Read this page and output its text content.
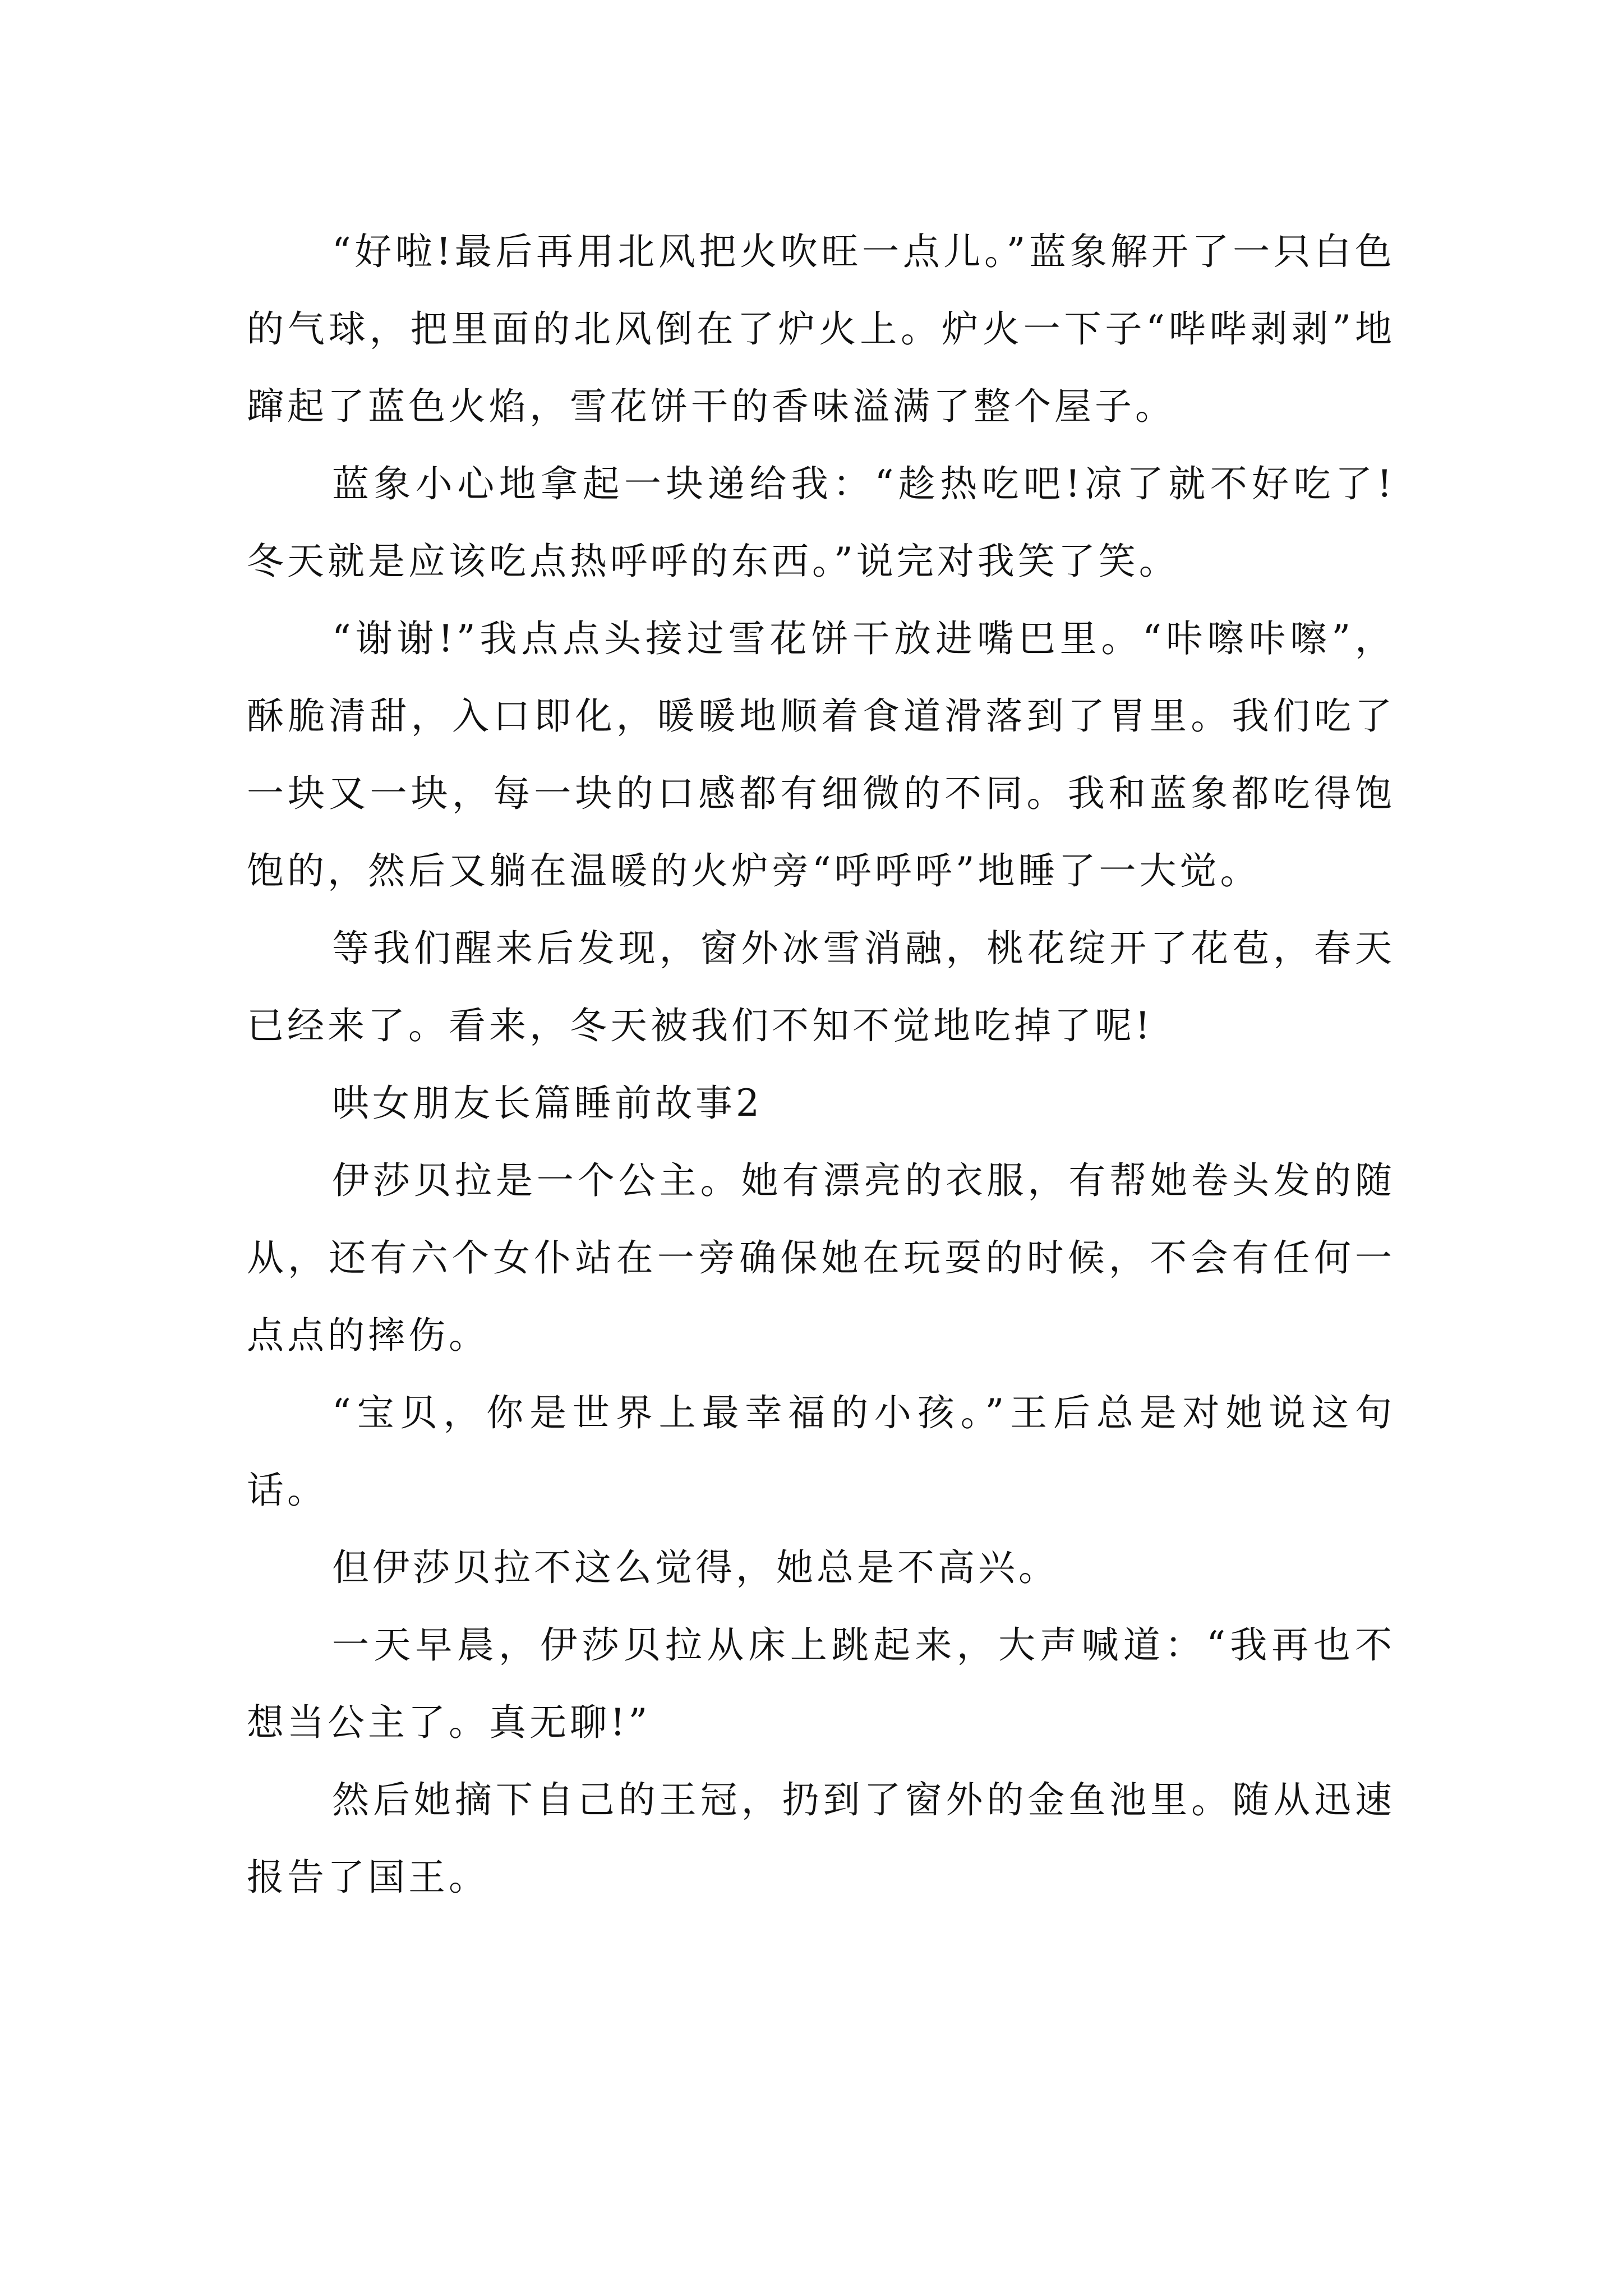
“好啦!最后再用北风把火吹旺一点儿。”蓝象解开了一只白色的气球，把里面的北风倒在了炉火上。炉火一下子“哔哔剥剥”地蹿起了蓝色火焰，雪花饼干的香味溢满了整个屋子。

蓝象小心地拿起一块递给我：“趁热吃吧!凉了就不好吃了!冬天就是应该吃点热呼呼的东西。”说完对我笑了笑。

“谢谢!”我点点头接过雪花饼干放进嘴巴里。“咔嚓咔嚓”，酥脆清甜，入口即化，暖暖地顺着食道滑落到了胃里。我们吃了一块又一块，每一块的口感都有细微的不同。我和蓝象都吃得饱饱的，然后又躺在温暖的火炉旁“呼呼呼”地睡了一大觉。

等我们醒来后发现，窗外冰雪消融，桃花绽开了花苞，春天已经来了。看来，冬天被我们不知不觉地吃掉了呢!

哄女朋友长篇睡前故事2

伊莎贝拉是一个公主。她有漂亮的衣服，有帮她卷头发的随从，还有六个女仆站在一旁确保她在玩耍的时候，不会有任何一点点的摔伤。

“宝贝，你是世界上最幸福的小孩。”王后总是对她说这句话。

但伊莎贝拉不这么觉得，她总是不高兴。

一天早晨，伊莎贝拉从床上跳起来，大声喊道：“我再也不想当公主了。真无聊!”

然后她摘下自己的王冠，扔到了窗外的金鱼池里。随从迅速报告了国王。
